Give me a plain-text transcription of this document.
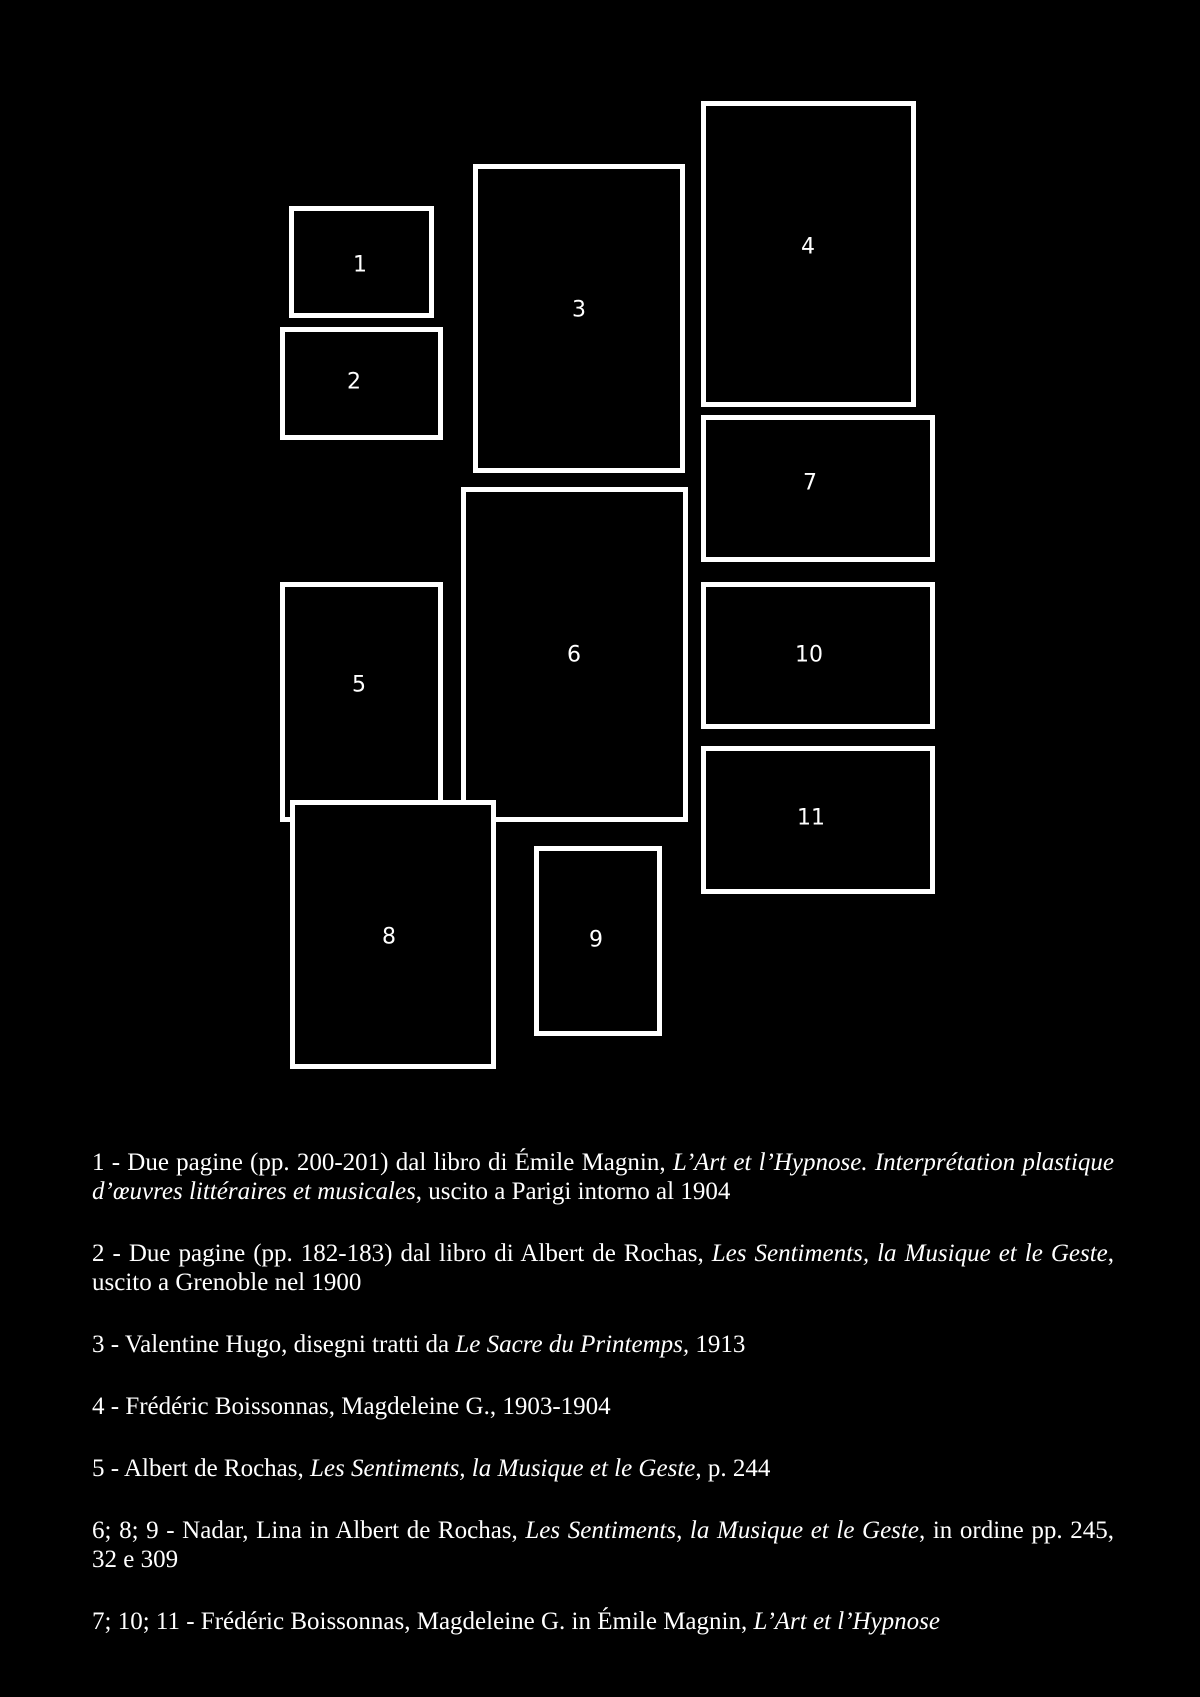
1
2
3
4
5
6
7
8	9
10
11

1 - Due pagine (pp. 200-201) dal libro di Émile Magnin, L’Art et l’Hypnose. Interprétation plastique d’œuvres littéraires et musicales, uscito a Parigi intorno al 1904

2 - Due pagine (pp. 182-183) dal libro di Albert de Rochas, Les Sentiments, la Musique et le Geste, uscito a Grenoble nel 1900

3 - Valentine Hugo, disegni tratti da Le Sacre du Printemps, 1913

4 - Frédéric Boissonnas, Magdeleine G., 1903-1904

5 - Albert de Rochas, Les Sentiments, la Musique et le Geste, p. 244

6; 8; 9 - Nadar, Lina in Albert de Rochas, Les Sentiments, la Musique et le Geste, in ordine pp. 245, 32 e 309

7; 10; 11 - Frédéric Boissonnas, Magdeleine G. in Émile Magnin, L’Art et l’Hypnose
